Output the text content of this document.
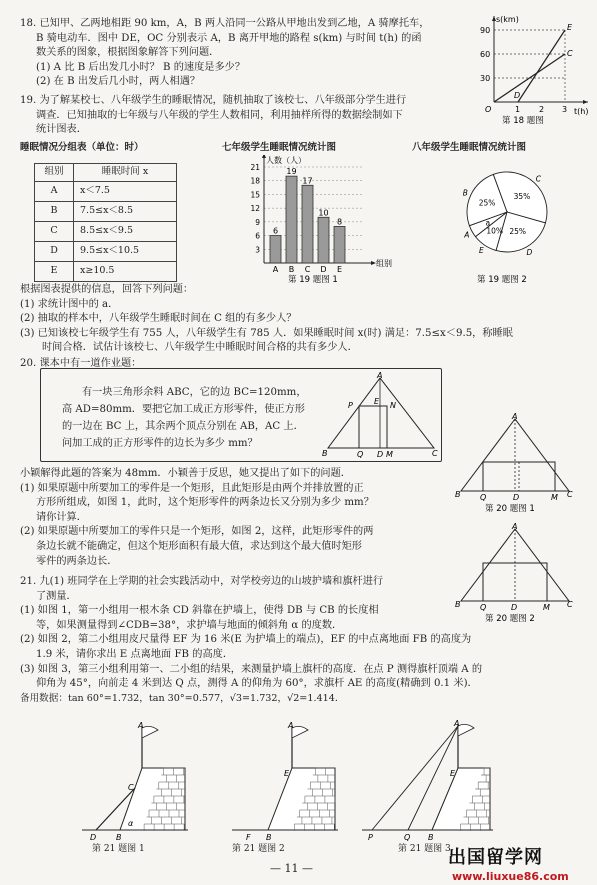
18. 已知甲、乙两地相距 90 km，A，B 两人沿同一公路从甲地出发到乙地，A 骑摩托车，
B 骑电动车．图中 DE，OC 分别表示 A，B 离开甲地的路程 s(km) 与时间 t(h) 的函
数关系的图象，根据图象解答下列问题．
(1) A 比 B 后出发几小时？ B 的速度是多少？
(2) 在 B 出发后几小时，两人相遇？
s(km)
t(h)
90
60
30
1 2 3
O
D
E
C
第 18 题图
19. 为了解某校七、八年级学生的睡眠情况，随机抽取了该校七、八年级部分学生进行
调查．已知抽取的七年级与八年级的学生人数相同，利用抽样所得的数据绘制如下
统计图表．
睡眠情况分组表（单位：时）	七年级学生睡眠情况统计图	八年级学生睡眠情况统计图
组别	睡眠时间 x
A	x＜7.5
B	7.5≤x＜8.5
C	8.5≤x＜9.5
D	9.5≤x＜10.5
E	x≥10.5
3
6
9
12
15
18
21
人数（人）
组别
6
A
19
B
17
C
10
D
8
E
第 19 题图 1
35%
C
25%
D
10%
E
a
A
25%
B
第 19 题图 2
根据图表提供的信息，回答下列问题：
(1) 求统计图中的 a．
(2) 抽取的样本中，八年级学生睡眠时间在 C 组的有多少人？
(3) 已知该校七年级学生有 755 人，八年级学生有 785 人．如果睡眠时间 x(时) 满足：7.5≤x＜9.5，称睡眠
时间合格．试估计该校七、八年级学生中睡眠时间合格的共有多少人．
20. 课本中有一道作业题：
有一块三角形余料 ABC，它的边 BC=120mm，
高 AD=80mm．要把它加工成正方形零件，使正方形
的一边在 BC 上，其余两个顶点分别在 AB，AC 上．
问加工成的正方形零件的边长为多少 mm？
A
P	E N
B	Q D M	C
小颖解得此题的答案为 48mm．小颖善于反思，她又提出了如下的问题．
(1) 如果原题中所要加工的零件是一个矩形，且此矩形是由两个并排放置的正
方形所组成，如图 1，此时，这个矩形零件的两条边长又分别为多少 mm？
请你计算．
(2) 如果原题中所要加工的零件只是一个矩形，如图 2，这样，此矩形零件的两
条边长就不能确定，但这个矩形面积有最大值，求达到这个最大值时矩形
零件的两条边长．
A
B Q	D	M C
第 20 题图 1
A
B Q	D	M C
第 20 题图 2
21. 九(1) 班同学在上学期的社会实践活动中，对学校旁边的山坡护墙和旗杆进行
了测量．
(1) 如图 1，第一小组用一根木条 CD 斜靠在护墙上，使得 DB 与 CB 的长度相
等，如果测量得到∠CDB=38°，求护墙与地面的倾斜角 α 的度数．
(2) 如图 2，第二小组用皮尺量得 EF 为 16 米(E 为护墙上的端点)，EF 的中点离地面 FB 的高度为
1.9 米，请你求出 E 点离地面 FB 的高度．
(3) 如图 3，第三小组利用第一、二小组的结果，来测量护墙上旗杆的高度．在点 P 测得旗杆顶端 A 的
仰角为 45°，向前走 4 米到达 Q 点，测得 A 的仰角为 60°，求旗杆 AE 的高度(精确到 0.1 米)．
备用数据：tan 60°=1.732，tan 30°=0.577，√3=1.732，√2=1.414．
A
C
D B
α
A
E
F B
A
E
P	Q B
第 21 题图 1	第 21 题图 2	第 21 题图 3
— 11 —
出国留学网
www.liuxue86.com
